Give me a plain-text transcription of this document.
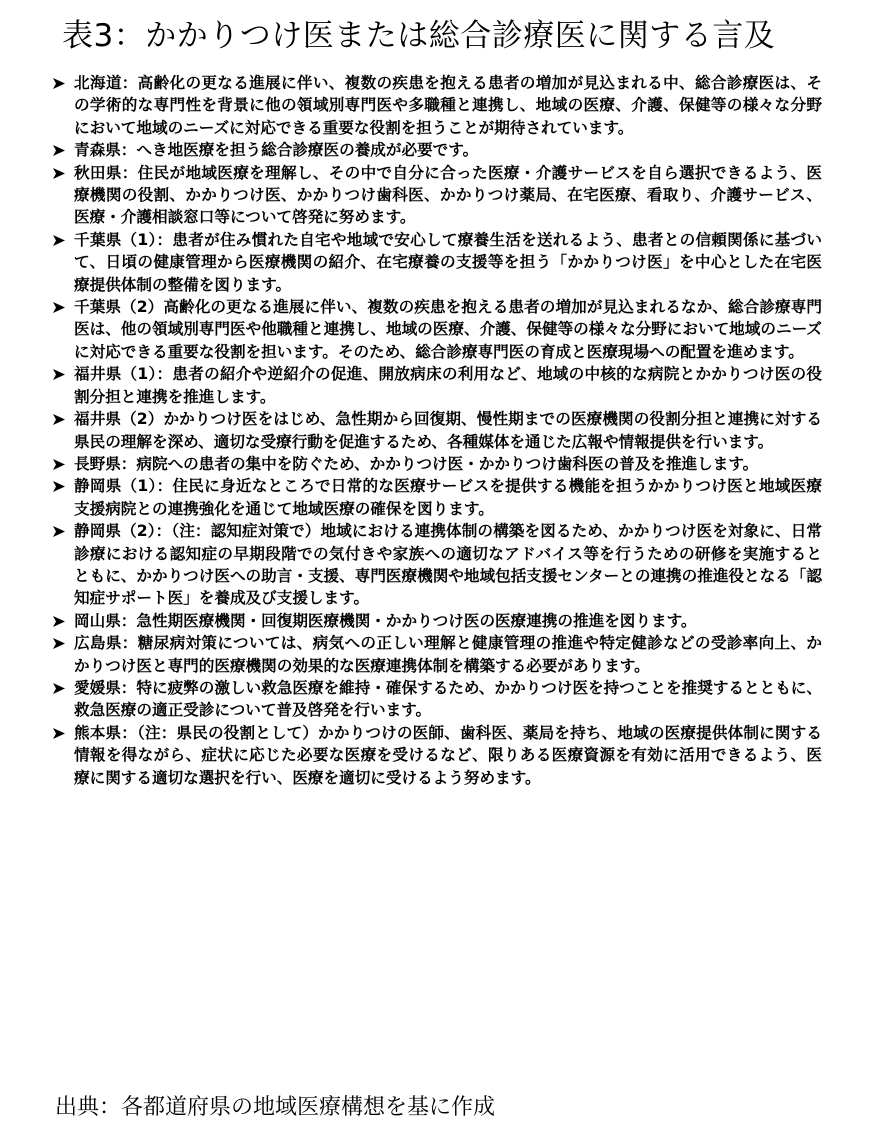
表3：かかりつけ医または総合診療医に関する言及
北海道：高齢化の更なる進展に伴い、複数の疾患を抱える患者の増加が見込まれる中、総合診療医は、その学術的な専門性を背景に他の領域別専門医や多職種と連携し、地域の医療、介護、保健等の様々な分野において地域のニーズに対応できる重要な役割を担うことが期待されています。
青森県：へき地医療を担う総合診療医の養成が必要です。
秋田県：住民が地域医療を理解し、その中で自分に合った医療・介護サービスを自ら選択できるよう、医療機関の役割、かかりつけ医、かかりつけ歯科医、かかりつけ薬局、在宅医療、看取り、介護サービス、医療・介護相談窓口等について啓発に努めます。
千葉県（1）：患者が住み慣れた自宅や地域で安心して療養生活を送れるよう、患者との信頼関係に基づいて、日頃の健康管理から医療機関の紹介、在宅療養の支援等を担う「かかりつけ医」を中心とした在宅医療提供体制の整備を図ります。
千葉県（2）高齢化の更なる進展に伴い、複数の疾患を抱える患者の増加が見込まれるなか、総合診療専門医は、他の領域別専門医や他職種と連携し、地域の医療、介護、保健等の様々な分野において地域のニーズに対応できる重要な役割を担います。そのため、総合診療専門医の育成と医療現場への配置を進めます。
福井県（1）：患者の紹介や逆紹介の促進、開放病床の利用など、地域の中核的な病院とかかりつけ医の役割分担と連携を推進します。
福井県（2）かかりつけ医をはじめ、急性期から回復期、慢性期までの医療機関の役割分担と連携に対する県民の理解を深め、適切な受療行動を促進するため、各種媒体を通じた広報や情報提供を行います。
長野県：病院への患者の集中を防ぐため、かかりつけ医・かかりつけ歯科医の普及を推進します。
静岡県（1）：住民に身近なところで日常的な医療サービスを提供する機能を担うかかりつけ医と地域医療支援病院との連携強化を通じて地域医療の確保を図ります。
静岡県（2）：（注：認知症対策で）地域における連携体制の構築を図るため、かかりつけ医を対象に、日常診療における認知症の早期段階での気付きや家族への適切なアドバイス等を行うための研修を実施するとともに、かかりつけ医への助言・支援、専門医療機関や地域包括支援センターとの連携の推進役となる「認知症サポート医」を養成及び支援します。
岡山県：急性期医療機関・回復期医療機関・かかりつけ医の医療連携の推進を図ります。
広島県：糖尿病対策については、病気への正しい理解と健康管理の推進や特定健診などの受診率向上、かかりつけ医と専門的医療機関の効果的な医療連携体制を構築する必要があります。
愛媛県：特に疲弊の激しい救急医療を維持・確保するため、かかりつけ医を持つことを推奨するとともに、救急医療の適正受診について普及啓発を行います。
熊本県：（注：県民の役割として）かかりつけの医師、歯科医、薬局を持ち、地域の医療提供体制に関する情報を得ながら、症状に応じた必要な医療を受けるなど、限りある医療資源を有効に活用できるよう、医療に関する適切な選択を行い、医療を適切に受けるよう努めます。
出典：各都道府県の地域医療構想を基に作成
